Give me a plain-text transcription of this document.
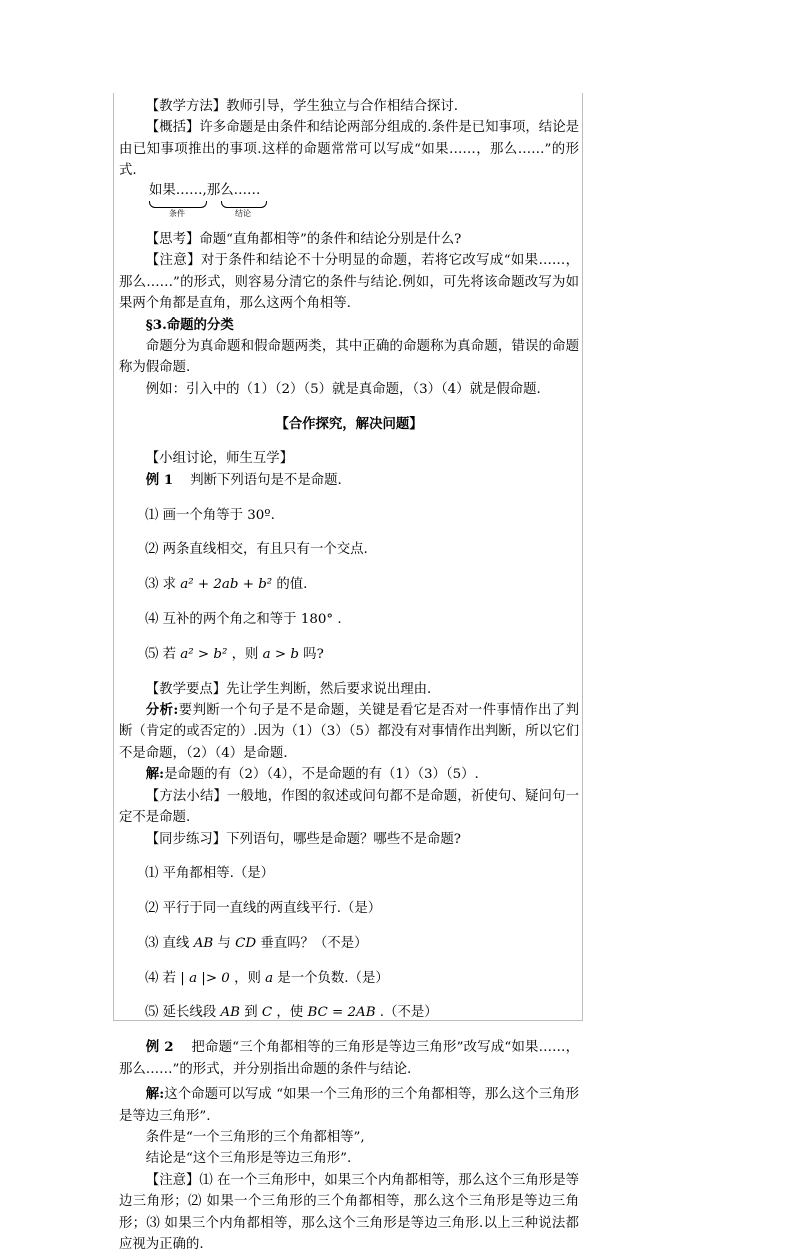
【教学方法】教师引导，学生独立与合作相结合探讨.

【概括】许多命题是由条件和结论两部分组成的.条件是已知事项，结论是由已知事项推出的事项.这样的命题常常可以写成“如果……，那么……”的形式.

如果……,那么……
条件	结论

【思考】命题“直角都相等”的条件和结论分别是什么?

【注意】对于条件和结论不十分明显的命题，若将它改写成“如果……，那么……”的形式，则容易分清它的条件与结论.例如，可先将该命题改写为如果两个角都是直角，那么这两个角相等.

§3.命题的分类

命题分为真命题和假命题两类，其中正确的命题称为真命题，错误的命题称为假命题.

例如：引入中的（1）（2）（5）就是真命题，（3）（4）就是假命题.

【合作探究，解决问题】

【小组讨论，师生互学】

例 1 判断下列语句是不是命题.

⑴ 画一个角等于 30º.

⑵ 两条直线相交，有且只有一个交点.

⑶ 求 a² + 2ab + b² 的值.

⑷ 互补的两个角之和等于 180° .

⑸ 若 a² > b² ，则 a > b 吗?

【教学要点】先让学生判断，然后要求说出理由.

分析:要判断一个句子是不是命题，关键是看它是否对一件事情作出了判断（肯定的或否定的）.因为（1）（3）（5）都没有对事情作出判断，所以它们不是命题，（2）（4）是命题.

解:是命题的有（2）（4），不是命题的有（1）（3）（5）.

【方法小结】一般地，作图的叙述或问句都不是命题，祈使句、疑问句一定不是命题.

【同步练习】下列语句，哪些是命题？哪些不是命题?

⑴ 平角都相等.（是）

⑵ 平行于同一直线的两直线平行.（是）

⑶ 直线 AB 与 CD 垂直吗？（不是）

⑷ 若 | a |> 0 ，则 a 是一个负数.（是）

⑸ 延长线段 AB 到 C ，使 BC = 2AB .（不是）

例 2 把命题“三个角都相等的三角形是等边三角形”改写成“如果……，那么……”的形式，并分别指出命题的条件与结论.

解:这个命题可以写成 “如果一个三角形的三个角都相等，那么这个三角形是等边三角形”.

条件是“一个三角形的三个角都相等”,

结论是“这个三角形是等边三角形”.

【注意】⑴ 在一个三角形中，如果三个内角都相等，那么这个三角形是等边三角形；⑵ 如果一个三角形的三个角都相等，那么这个三角形是等边三角形；⑶ 如果三个内角都相等，那么这个三角形是等边三角形.以上三种说法都应视为正确的.
